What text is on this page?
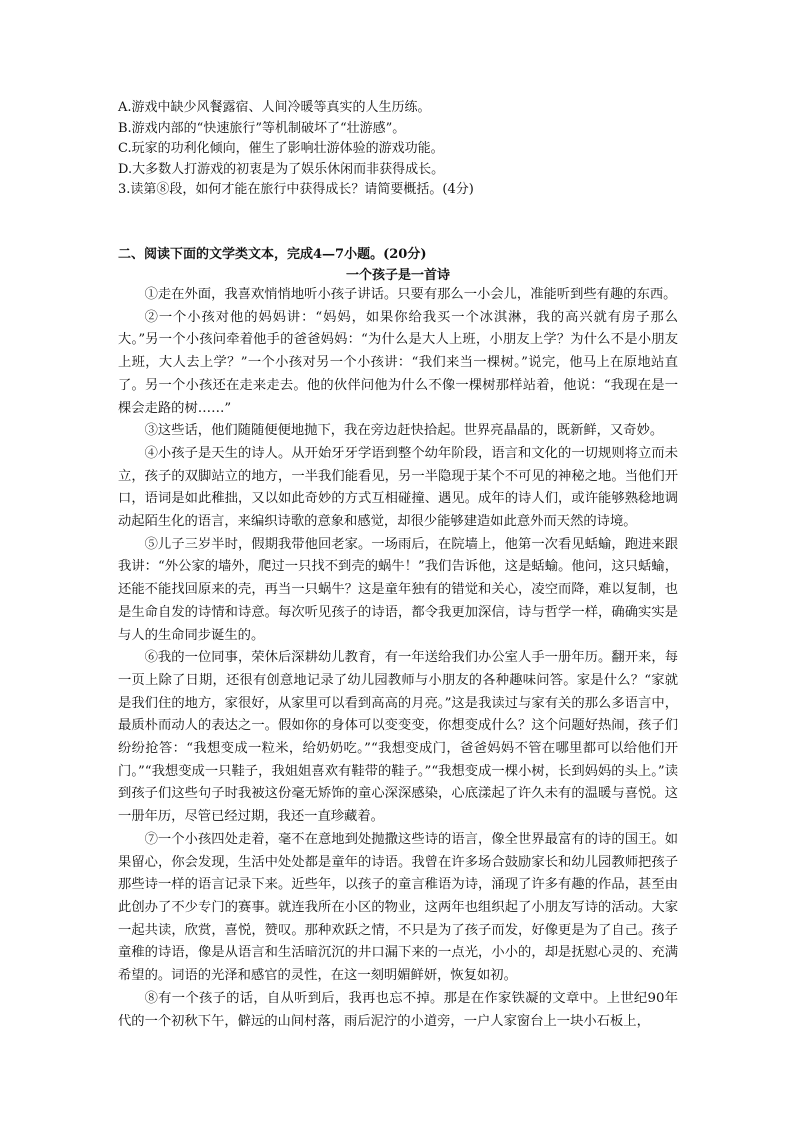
A.游戏中缺少风餐露宿、人间冷暖等真实的人生历练。
B.游戏内部的“快速旅行”等机制破坏了“壮游感”。
C.玩家的功利化倾向，催生了影响壮游体验的游戏功能。
D.大多数人打游戏的初衷是为了娱乐休闲而非获得成长。
3.读第⑧段，如何才能在旅行中获得成长？请简要概括。(4分)
二、阅读下面的文学类文本，完成4—7小题。(20分)
一个孩子是一首诗

①走在外面，我喜欢悄悄地听小孩子讲话。只要有那么一小会儿，准能听到些有趣的东西。

②一个小孩对他的妈妈讲：“妈妈，如果你给我买一个冰淇淋，我的高兴就有房子那么大。”另一个小孩问牵着他手的爸爸妈妈：“为什么是大人上班，小朋友上学？为什么不是小朋友上班，大人去上学？”一个小孩对另一个小孩讲：“我们来当一棵树。”说完，他马上在原地站直了。另一个小孩还在走来走去。他的伙伴问他为什么不像一棵树那样站着，他说：“我现在是一棵会走路的树……”

③这些话，他们随随便便地抛下，我在旁边赶快拾起。世界亮晶晶的，既新鲜，又奇妙。

④小孩子是天生的诗人。从开始牙牙学语到整个幼年阶段，语言和文化的一切规则将立而未立，孩子的双脚站立的地方，一半我们能看见，另一半隐现于某个不可见的神秘之地。当他们开口，语词是如此稚拙，又以如此奇妙的方式互相碰撞、遇见。成年的诗人们，或许能够熟稔地调动起陌生化的语言，来编织诗歌的意象和感觉，却很少能够建造如此意外而天然的诗境。

⑤儿子三岁半时，假期我带他回老家。一场雨后，在院墙上，他第一次看见蛞蝓，跑进来跟我讲：“外公家的墙外，爬过一只找不到壳的蜗牛！”我们告诉他，这是蛞蝓。他问，这只蛞蝓，还能不能找回原来的壳，再当一只蜗牛？这是童年独有的错觉和关心，凌空而降，难以复制，也是生命自发的诗情和诗意。每次听见孩子的诗语，都令我更加深信，诗与哲学一样，确确实实是与人的生命同步诞生的。

⑥我的一位同事，荣休后深耕幼儿教育，有一年送给我们办公室人手一册年历。翻开来，每一页上除了日期，还很有创意地记录了幼儿园教师与小朋友的各种趣味问答。家是什么？“家就是我们住的地方，家很好，从家里可以看到高高的月亮。”这是我读过与家有关的那么多语言中，最质朴而动人的表达之一。假如你的身体可以变变变，你想变成什么？这个问题好热闹，孩子们纷纷抢答：“我想变成一粒米，给奶奶吃。”“我想变成门，爸爸妈妈不管在哪里都可以给他们开门。”“我想变成一只鞋子，我姐姐喜欢有鞋带的鞋子。”“我想变成一棵小树，长到妈妈的头上。”读到孩子们这些句子时我被这份毫无矫饰的童心深深感染，心底漾起了许久未有的温暖与喜悦。这一册年历，尽管已经过期，我还一直珍藏着。

⑦一个小孩四处走着，毫不在意地到处抛撒这些诗的语言，像全世界最富有的诗的国王。如果留心，你会发现，生活中处处都是童年的诗语。我曾在许多场合鼓励家长和幼儿园教师把孩子那些诗一样的语言记录下来。近些年，以孩子的童言稚语为诗，涌现了许多有趣的作品，甚至由此创办了不少专门的赛事。就连我所在小区的物业，这两年也组织起了小朋友写诗的活动。大家一起共读，欣赏，喜悦，赞叹。那种欢跃之情，不只是为了孩子而发，好像更是为了自己。孩子童稚的诗语，像是从语言和生活暗沉沉的井口漏下来的一点光，小小的，却是抚慰心灵的、充满希望的。词语的光泽和感官的灵性，在这一刻明媚鲜妍，恢复如初。

⑧有一个孩子的话，自从听到后，我再也忘不掉。那是在作家铁凝的文章中。上世纪90年代的一个初秋下午，僻远的山间村落，雨后泥泞的小道旁，一户人家窗台上一块小石板上，
